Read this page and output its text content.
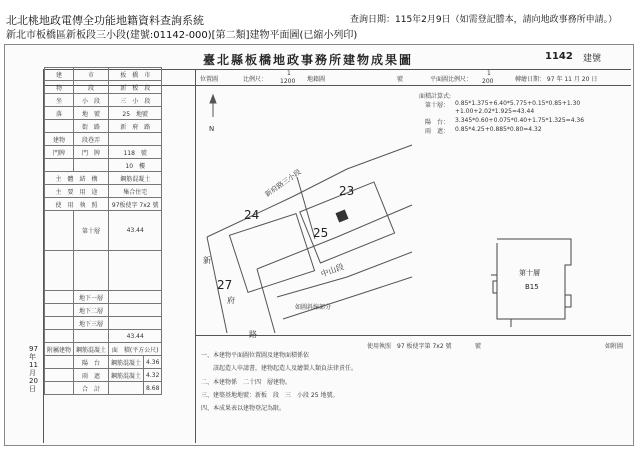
北北桃地政電傳全功能地籍資料查詢系統
新北市板橋區新板段三小段(建號:01142-000)[第二類]建物平面圖(已縮小列印)
查詢日期：115年2月9日（如需登記謄本，請向地政事務所申請。）
臺北縣板橋地政事務所建物成果圖	1142 建號
位置圖	比例尺：
1
1200 地籍圖	號	平面圖比例尺：
1
200	轉繪日期： 97 年 11 月 20 日
面積計算式:
第十層： 0.85*1.375+6.40*5.775+0.15*0.85+1.30
+1.00+2.02*1.925=43.44
陽　台： 3.345*0.60+0.075*0.40+1.75*1.325=4.36
雨　遮： 0.85*4.25+0.885*0.80=4.32
N
24
23
25
27
新府路三小段
中山段
新
府
路
如圖斜線部分
第十層
B15
一、本建物平面圖位置圖及建物面積係依
　　該起造人申請書，建物起造人及繪製人類負法律責任。
二、本建物係　二十四　層建物。
三、建築基地地號：新板　段　三　小段 25 地號。
四、本成果表以建物登記為限。
使用執照 97 板使字第 7x2 號	號	如附圖
97年11月20日
建	市	板　橋　市	
物	段	新　板　段	
坐	小　段	三　小　段	
落	地　號	25　地號	
	街　路	新　府　路	
建物	段巷弄		
門牌	門　牌	118　號	
		10　樓	
主　體　結　構		鋼筋混凝土	
主　要　用　途		集合住宅	
使　用　執　照		97板使字 7x2 號	
	第十層	43.44	

	地下一層		
	地下二層		
	地下三層		
		43.44	
附屬建物	鋼筋混凝土	面　積(平方公尺)	
	陽　台	鋼筋混凝土	4.36
	雨　遮	鋼筋混凝土	4.32
	合　計		8.68
